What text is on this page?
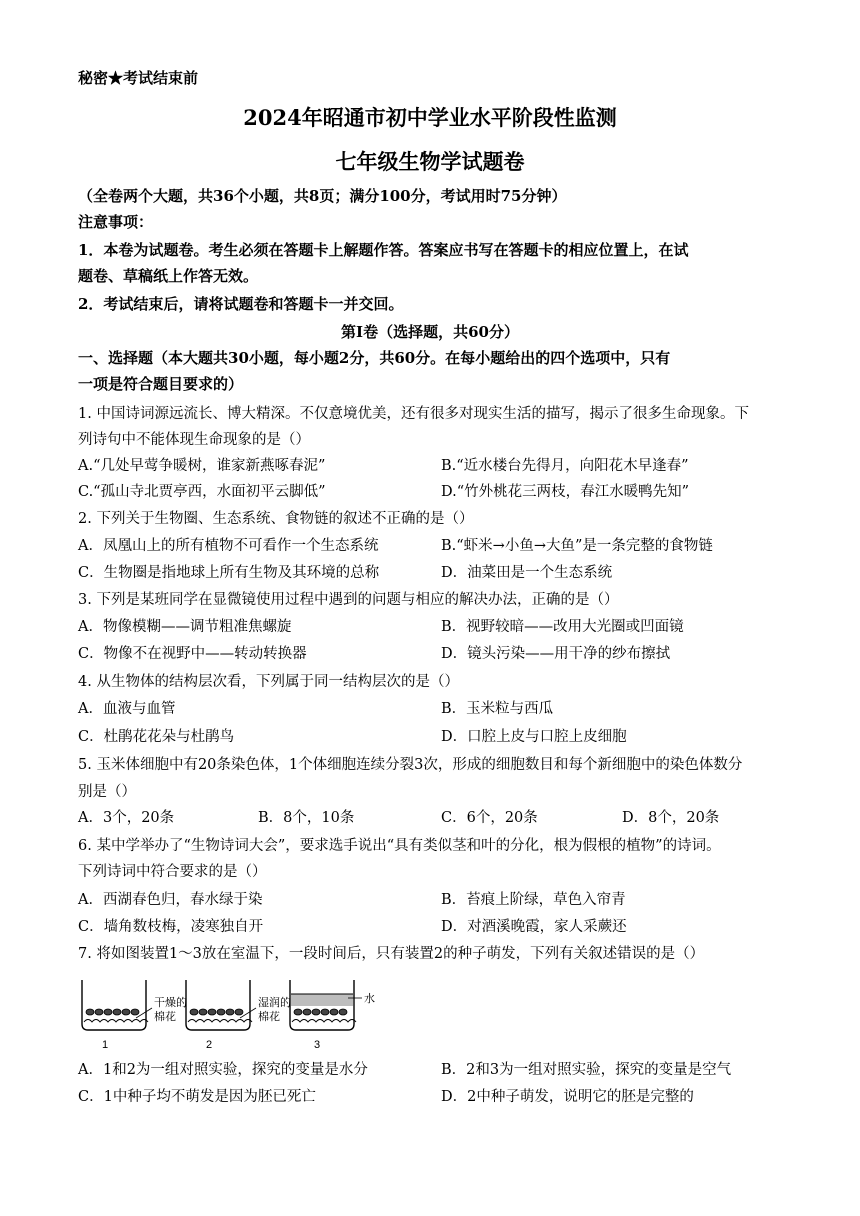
秘密★考试结束前
2024年昭通市初中学业水平阶段性监测
七年级生物学试题卷
（全卷两个大题，共36个小题，共8页；满分100分，考试用时75分钟）
注意事项：
1．本卷为试题卷。考生必须在答题卡上解题作答。答案应书写在答题卡的相应位置上，在试
题卷、草稿纸上作答无效。
2．考试结束后，请将试题卷和答题卡一并交回。
第Ⅰ卷（选择题，共60分）
一、选择题（本大题共30小题，每小题2分，共60分。在每小题给出的四个选项中，只有
一项是符合题目要求的）
1. 中国诗词源远流长、博大精深。不仅意境优美，还有很多对现实生活的描写，揭示了很多生命现象。下
列诗句中不能体现生命现象的是（）
A.“几处早莺争暖树，谁家新燕啄春泥”	B.“近水楼台先得月，向阳花木早逢春”
C.“孤山寺北贾亭西，水面初平云脚低”	D.“竹外桃花三两枝，春江水暖鸭先知”
2. 下列关于生物圈、生态系统、食物链的叙述不正确的是（）
A．凤凰山上的所有植物不可看作一个生态系统	B.“虾米→小鱼→大鱼”是一条完整的食物链
C．生物圈是指地球上所有生物及其环境的总称	D．油菜田是一个生态系统
3. 下列是某班同学在显微镜使用过程中遇到的问题与相应的解决办法，正确的是（）
A．物像模糊——调节粗准焦螺旋	B．视野较暗——改用大光圈或凹面镜
C．物像不在视野中——转动转换器	D．镜头污染——用干净的纱布擦拭
4. 从生物体的结构层次看，下列属于同一结构层次的是（）
A．血液与血管	B．玉米粒与西瓜
C．杜鹃花花朵与杜鹃鸟	D．口腔上皮与口腔上皮细胞
5. 玉米体细胞中有20条染色体，1个体细胞连续分裂3次，形成的细胞数目和每个新细胞中的染色体数分
别是（）
A．3个，20条	B．8个，10条	C．6个，20条	D．8个，20条
6. 某中学举办了“生物诗词大会”，要求选手说出“具有类似茎和叶的分化，根为假根的植物”的诗词。
下列诗词中符合要求的是（）
A．西湖春色归，春水绿于染	B．苔痕上阶绿，草色入帘青
C．墙角数枝梅，凌寒独自开	D．对酒溪晚霞，家人采蕨还
7. 将如图装置1～3放在室温下，一段时间后，只有装置2的种子萌发，下列有关叙述错误的是（）
干燥的
棉花
湿润的
棉花
水
1	2	3
A．1和2为一组对照实验，探究的变量是水分	B．2和3为一组对照实验，探究的变量是空气
C．1中种子均不萌发是因为胚已死亡	D．2中种子萌发，说明它的胚是完整的
